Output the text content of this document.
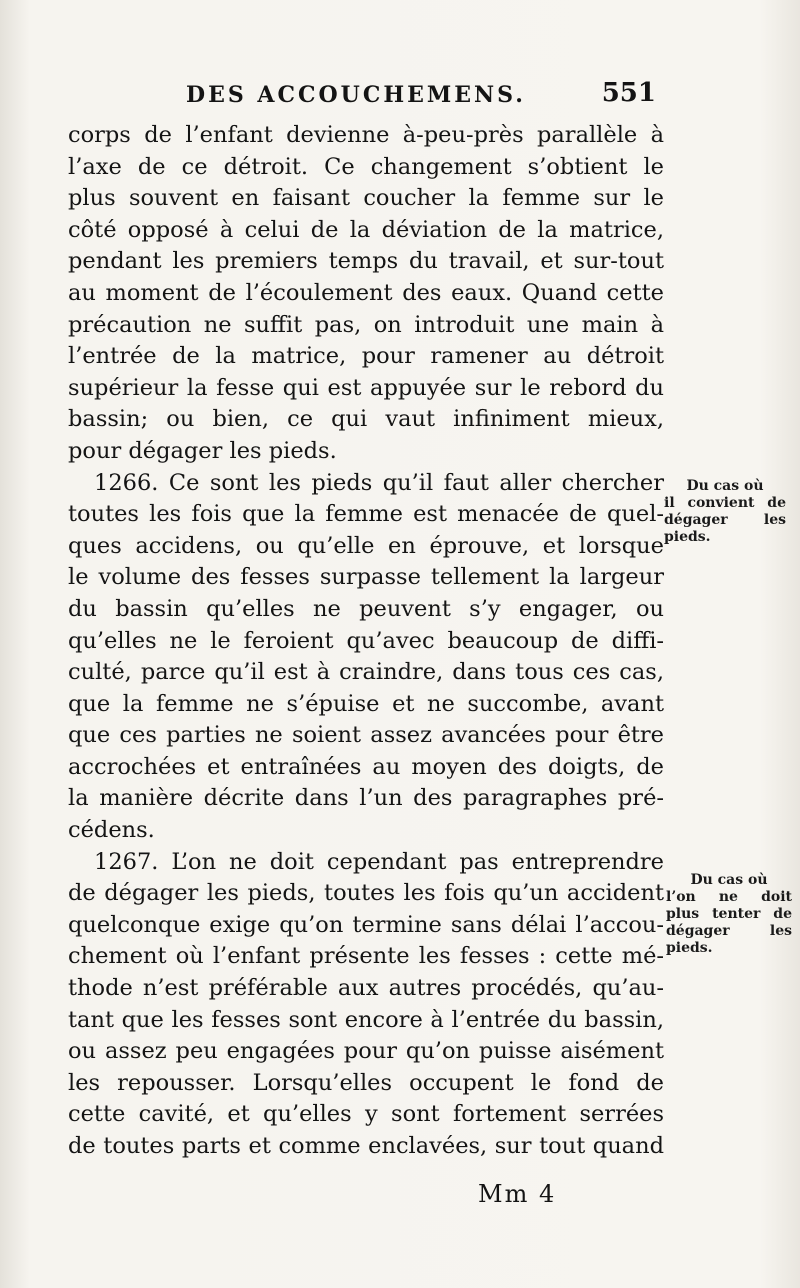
DES ACCOUCHEMENS.	551
corps de l’enfant devienne à-peu-près parallèle à
l’axe de ce détroit. Ce changement s’obtient le
plus souvent en faisant coucher la femme sur le
côté opposé à celui de la déviation de la matrice,
pendant les premiers temps du travail, et sur-tout
au moment de l’écoulement des eaux. Quand cette
précaution ne suffit pas, on introduit une main à
l’entrée de la matrice, pour ramener au détroit
supérieur la fesse qui est appuyée sur le rebord du
bassin; ou bien, ce qui vaut infiniment mieux,
pour dégager les pieds.
1266. Ce sont les pieds qu’il faut aller chercher
toutes les fois que la femme est menacée de quel-
ques accidens, ou qu’elle en éprouve, et lorsque
le volume des fesses surpasse tellement la largeur
du bassin qu’elles ne peuvent s’y engager, ou
qu’elles ne le feroient qu’avec beaucoup de diffi-
culté, parce qu’il est à craindre, dans tous ces cas,
que la femme ne s’épuise et ne succombe, avant
que ces parties ne soient assez avancées pour être
accrochées et entraînées au moyen des doigts, de
la manière décrite dans l’un des paragraphes pré-
cédens.
1267. L’on ne doit cependant pas entreprendre
de dégager les pieds, toutes les fois qu’un accident
quelconque exige qu’on termine sans délai l’accou-
chement où l’enfant présente les fesses : cette mé-
thode n’est préférable aux autres procédés, qu’au-
tant que les fesses sont encore à l’entrée du bassin,
ou assez peu engagées pour qu’on puisse aisément
les repousser. Lorsqu’elles occupent le fond de
cette cavité, et qu’elles y sont fortement serrées
de toutes parts et comme enclavées, sur tout quand
Du cas où
il convient de
dégager les
pieds.
Du cas où
l’on ne doit
plus tenter de
dégager les
pieds.
Mm 4
